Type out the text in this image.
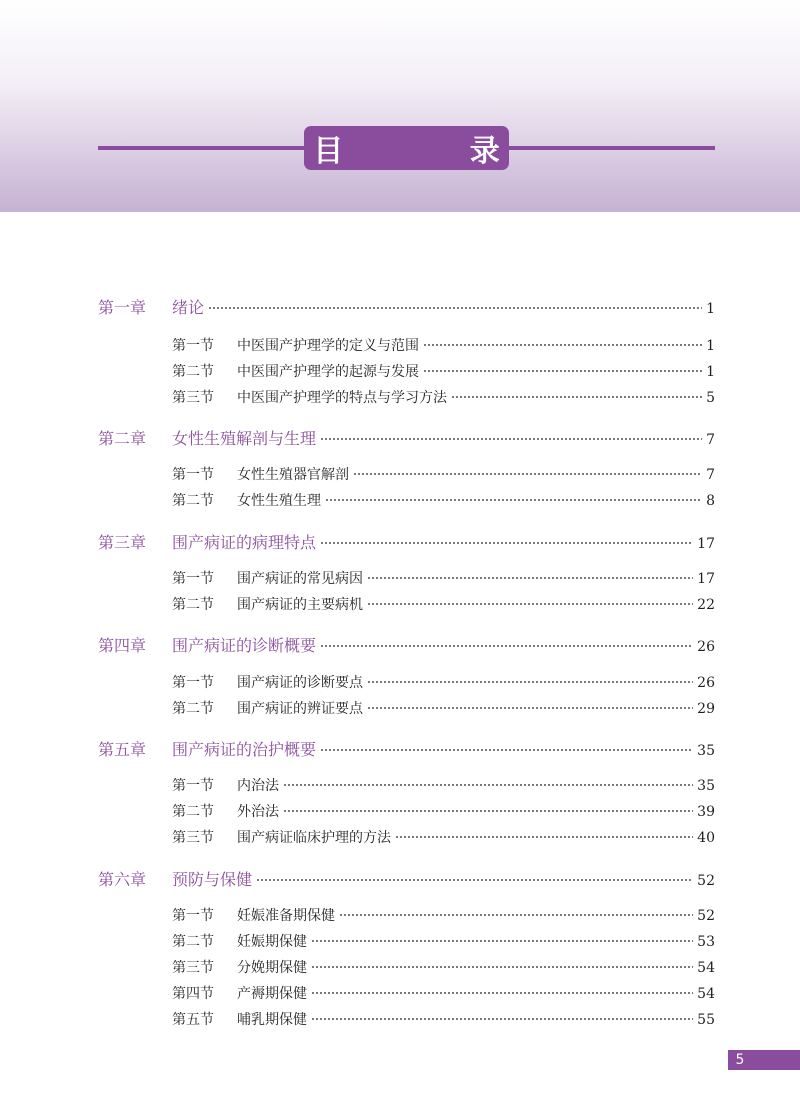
目 录
第一章	绪论	1
第一节	中医围产护理学的定义与范围	1
第二节	中医围产护理学的起源与发展	1
第三节	中医围产护理学的特点与学习方法	5
第二章	女性生殖解剖与生理	7
第一节	女性生殖器官解剖	7
第二节	女性生殖生理	8
第三章	围产病证的病理特点	17
第一节	围产病证的常见病因	17
第二节	围产病证的主要病机	22
第四章	围产病证的诊断概要	26
第一节	围产病证的诊断要点	26
第二节	围产病证的辨证要点	29
第五章	围产病证的治护概要	35
第一节	内治法	35
第二节	外治法	39
第三节	围产病证临床护理的方法	40
第六章	预防与保健	52
第一节	妊娠准备期保健	52
第二节	妊娠期保健	53
第三节	分娩期保健	54
第四节	产褥期保健	54
第五节	哺乳期保健	55
5
